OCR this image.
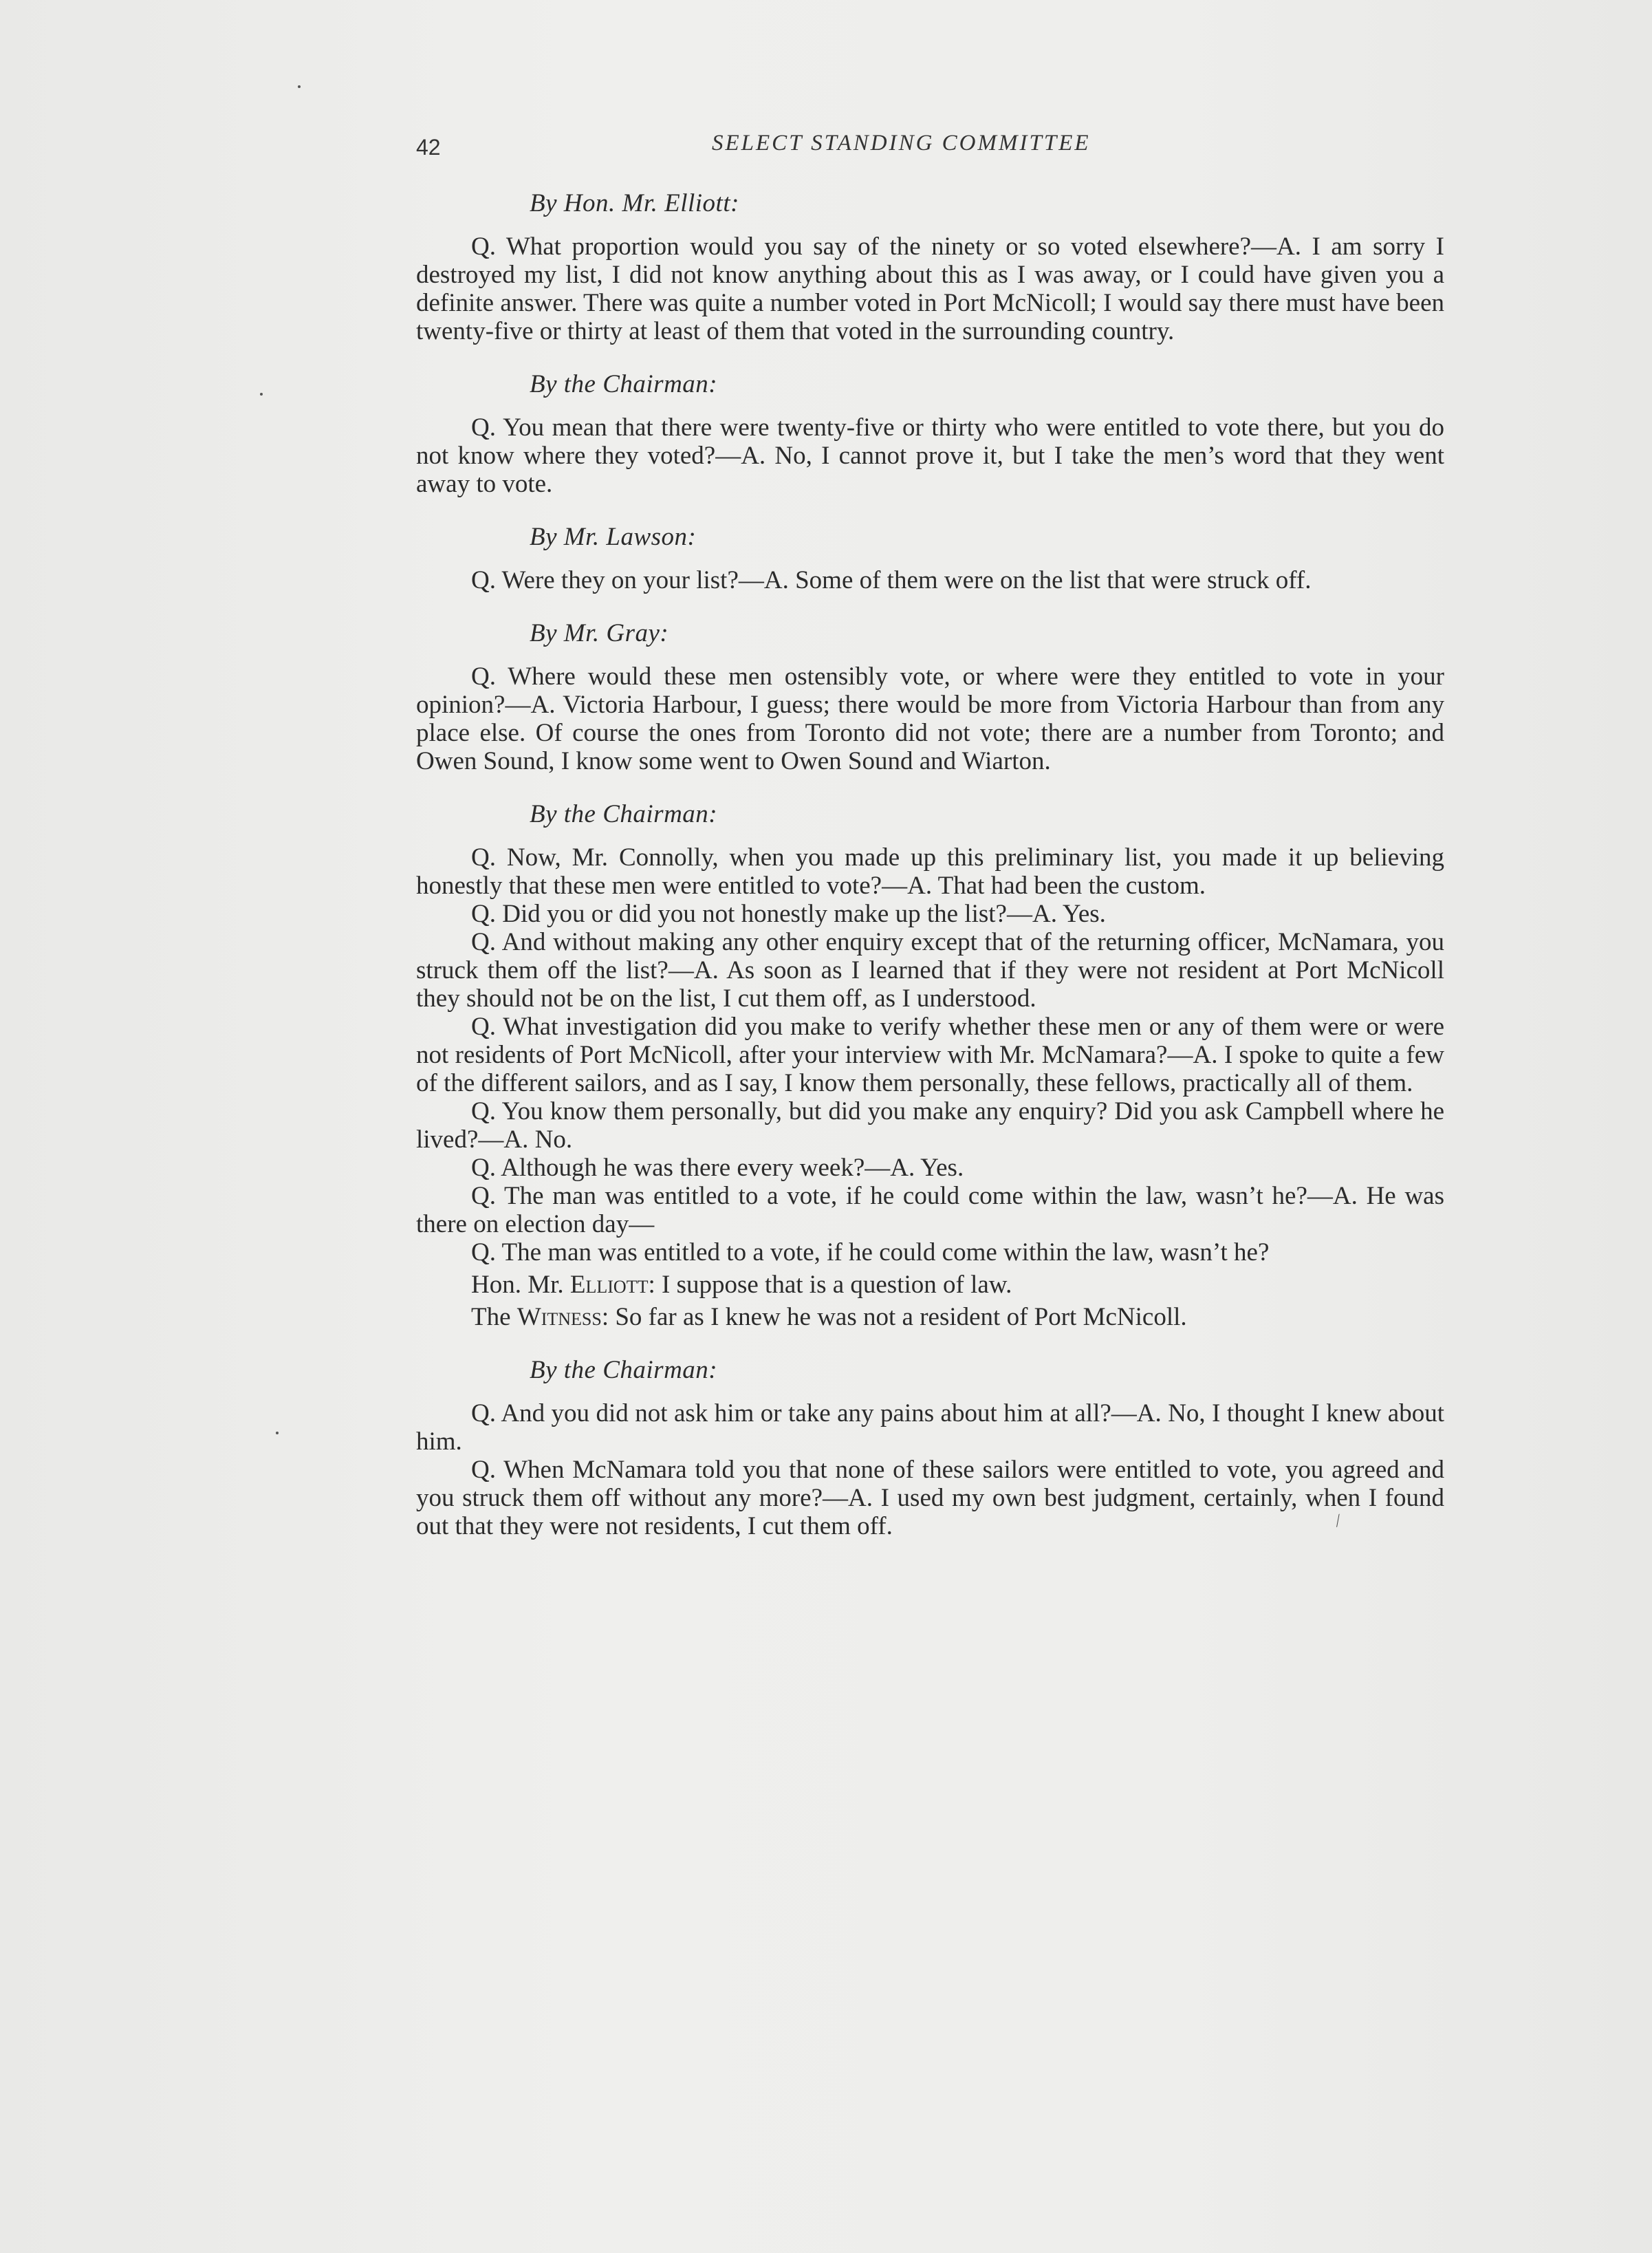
42	SELECT STANDING COMMITTEE

By Hon. Mr. Elliott:

Q. What proportion would you say of the ninety or so voted elsewhere?—A. I am sorry I destroyed my list, I did not know anything about this as I was away, or I could have given you a definite answer. There was quite a number voted in Port McNicoll; I would say there must have been twenty-five or thirty at least of them that voted in the surrounding country.

By the Chairman:

Q. You mean that there were twenty-five or thirty who were entitled to vote there, but you do not know where they voted?—A. No, I cannot prove it, but I take the men’s word that they went away to vote.

By Mr. Lawson:

Q. Were they on your list?—A. Some of them were on the list that were struck off.

By Mr. Gray:

Q. Where would these men ostensibly vote, or where were they entitled to vote in your opinion?—A. Victoria Harbour, I guess; there would be more from Victoria Harbour than from any place else. Of course the ones from Toronto did not vote; there are a number from Toronto; and Owen Sound, I know some went to Owen Sound and Wiarton.

By the Chairman:

Q. Now, Mr. Connolly, when you made up this preliminary list, you made it up believing honestly that these men were entitled to vote?—A. That had been the custom.

Q. Did you or did you not honestly make up the list?—A. Yes.

Q. And without making any other enquiry except that of the returning officer, McNamara, you struck them off the list?—A. As soon as I learned that if they were not resident at Port McNicoll they should not be on the list, I cut them off, as I understood.

Q. What investigation did you make to verify whether these men or any of them were or were not residents of Port McNicoll, after your interview with Mr. McNamara?—A. I spoke to quite a few of the different sailors, and as I say, I know them personally, these fellows, practically all of them.

Q. You know them personally, but did you make any enquiry? Did you ask Campbell where he lived?—A. No.

Q. Although he was there every week?—A. Yes.

Q. The man was entitled to a vote, if he could come within the law, wasn’t he?—A. He was there on election day—

Q. The man was entitled to a vote, if he could come within the law, wasn’t he?

Hon. Mr. Elliott: I suppose that is a question of law.

The Witness: So far as I knew he was not a resident of Port McNicoll.

By the Chairman:

Q. And you did not ask him or take any pains about him at all?—A. No, I thought I knew about him.

Q. When McNamara told you that none of these sailors were entitled to vote, you agreed and you struck them off without any more?—A. I used my own best judgment, certainly, when I found out that they were not residents, I cut them off.	⁄
